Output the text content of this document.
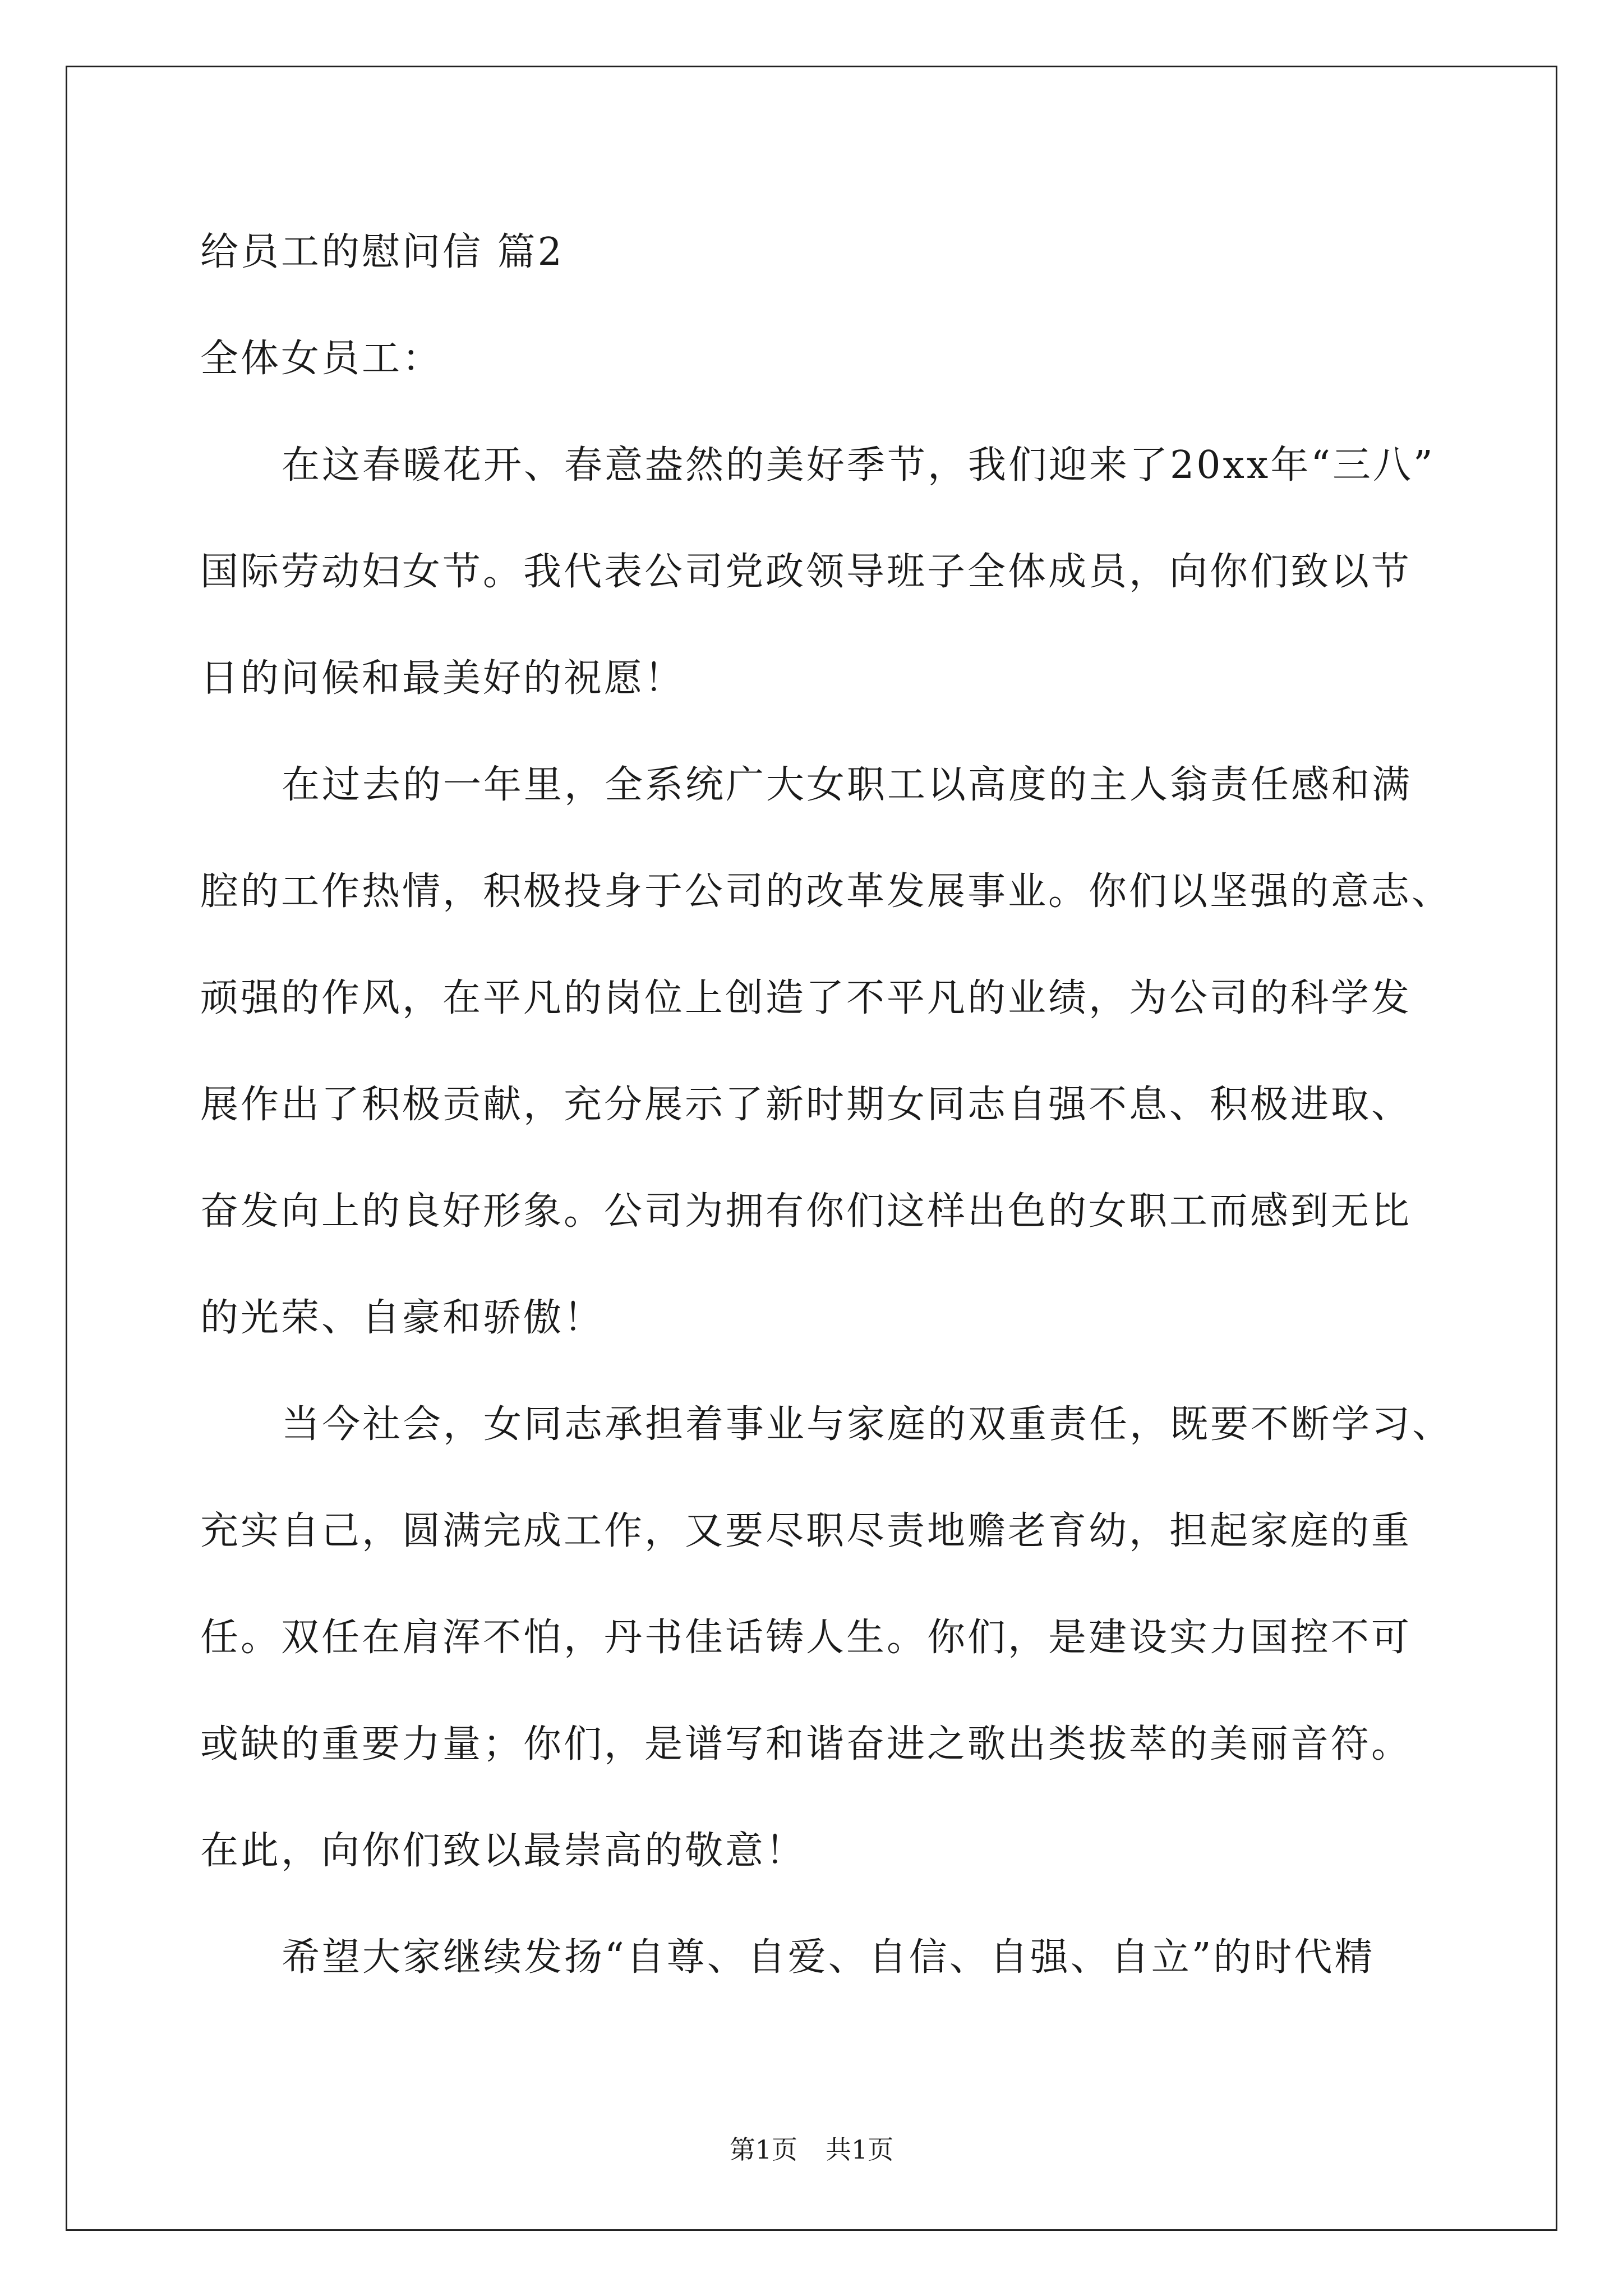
给员工的慰问信 篇2

全体女员工：

在这春暖花开、春意盎然的美好季节，我们迎来了20xx年“三八”

国际劳动妇女节。我代表公司党政领导班子全体成员，向你们致以节

日的问候和最美好的祝愿！

在过去的一年里，全系统广大女职工以高度的主人翁责任感和满

腔的工作热情，积极投身于公司的改革发展事业。你们以坚强的意志、

顽强的作风，在平凡的岗位上创造了不平凡的业绩，为公司的科学发

展作出了积极贡献，充分展示了新时期女同志自强不息、积极进取、

奋发向上的良好形象。公司为拥有你们这样出色的女职工而感到无比

的光荣、自豪和骄傲！

当今社会，女同志承担着事业与家庭的双重责任，既要不断学习、

充实自己，圆满完成工作，又要尽职尽责地赡老育幼，担起家庭的重

任。双任在肩浑不怕，丹书佳话铸人生。你们，是建设实力国控不可

或缺的重要力量；你们，是谱写和谐奋进之歌出类拔萃的美丽音符。

在此，向你们致以最崇高的敬意！

希望大家继续发扬“自尊、自爱、自信、自强、自立”的时代精

第1页 共1页
